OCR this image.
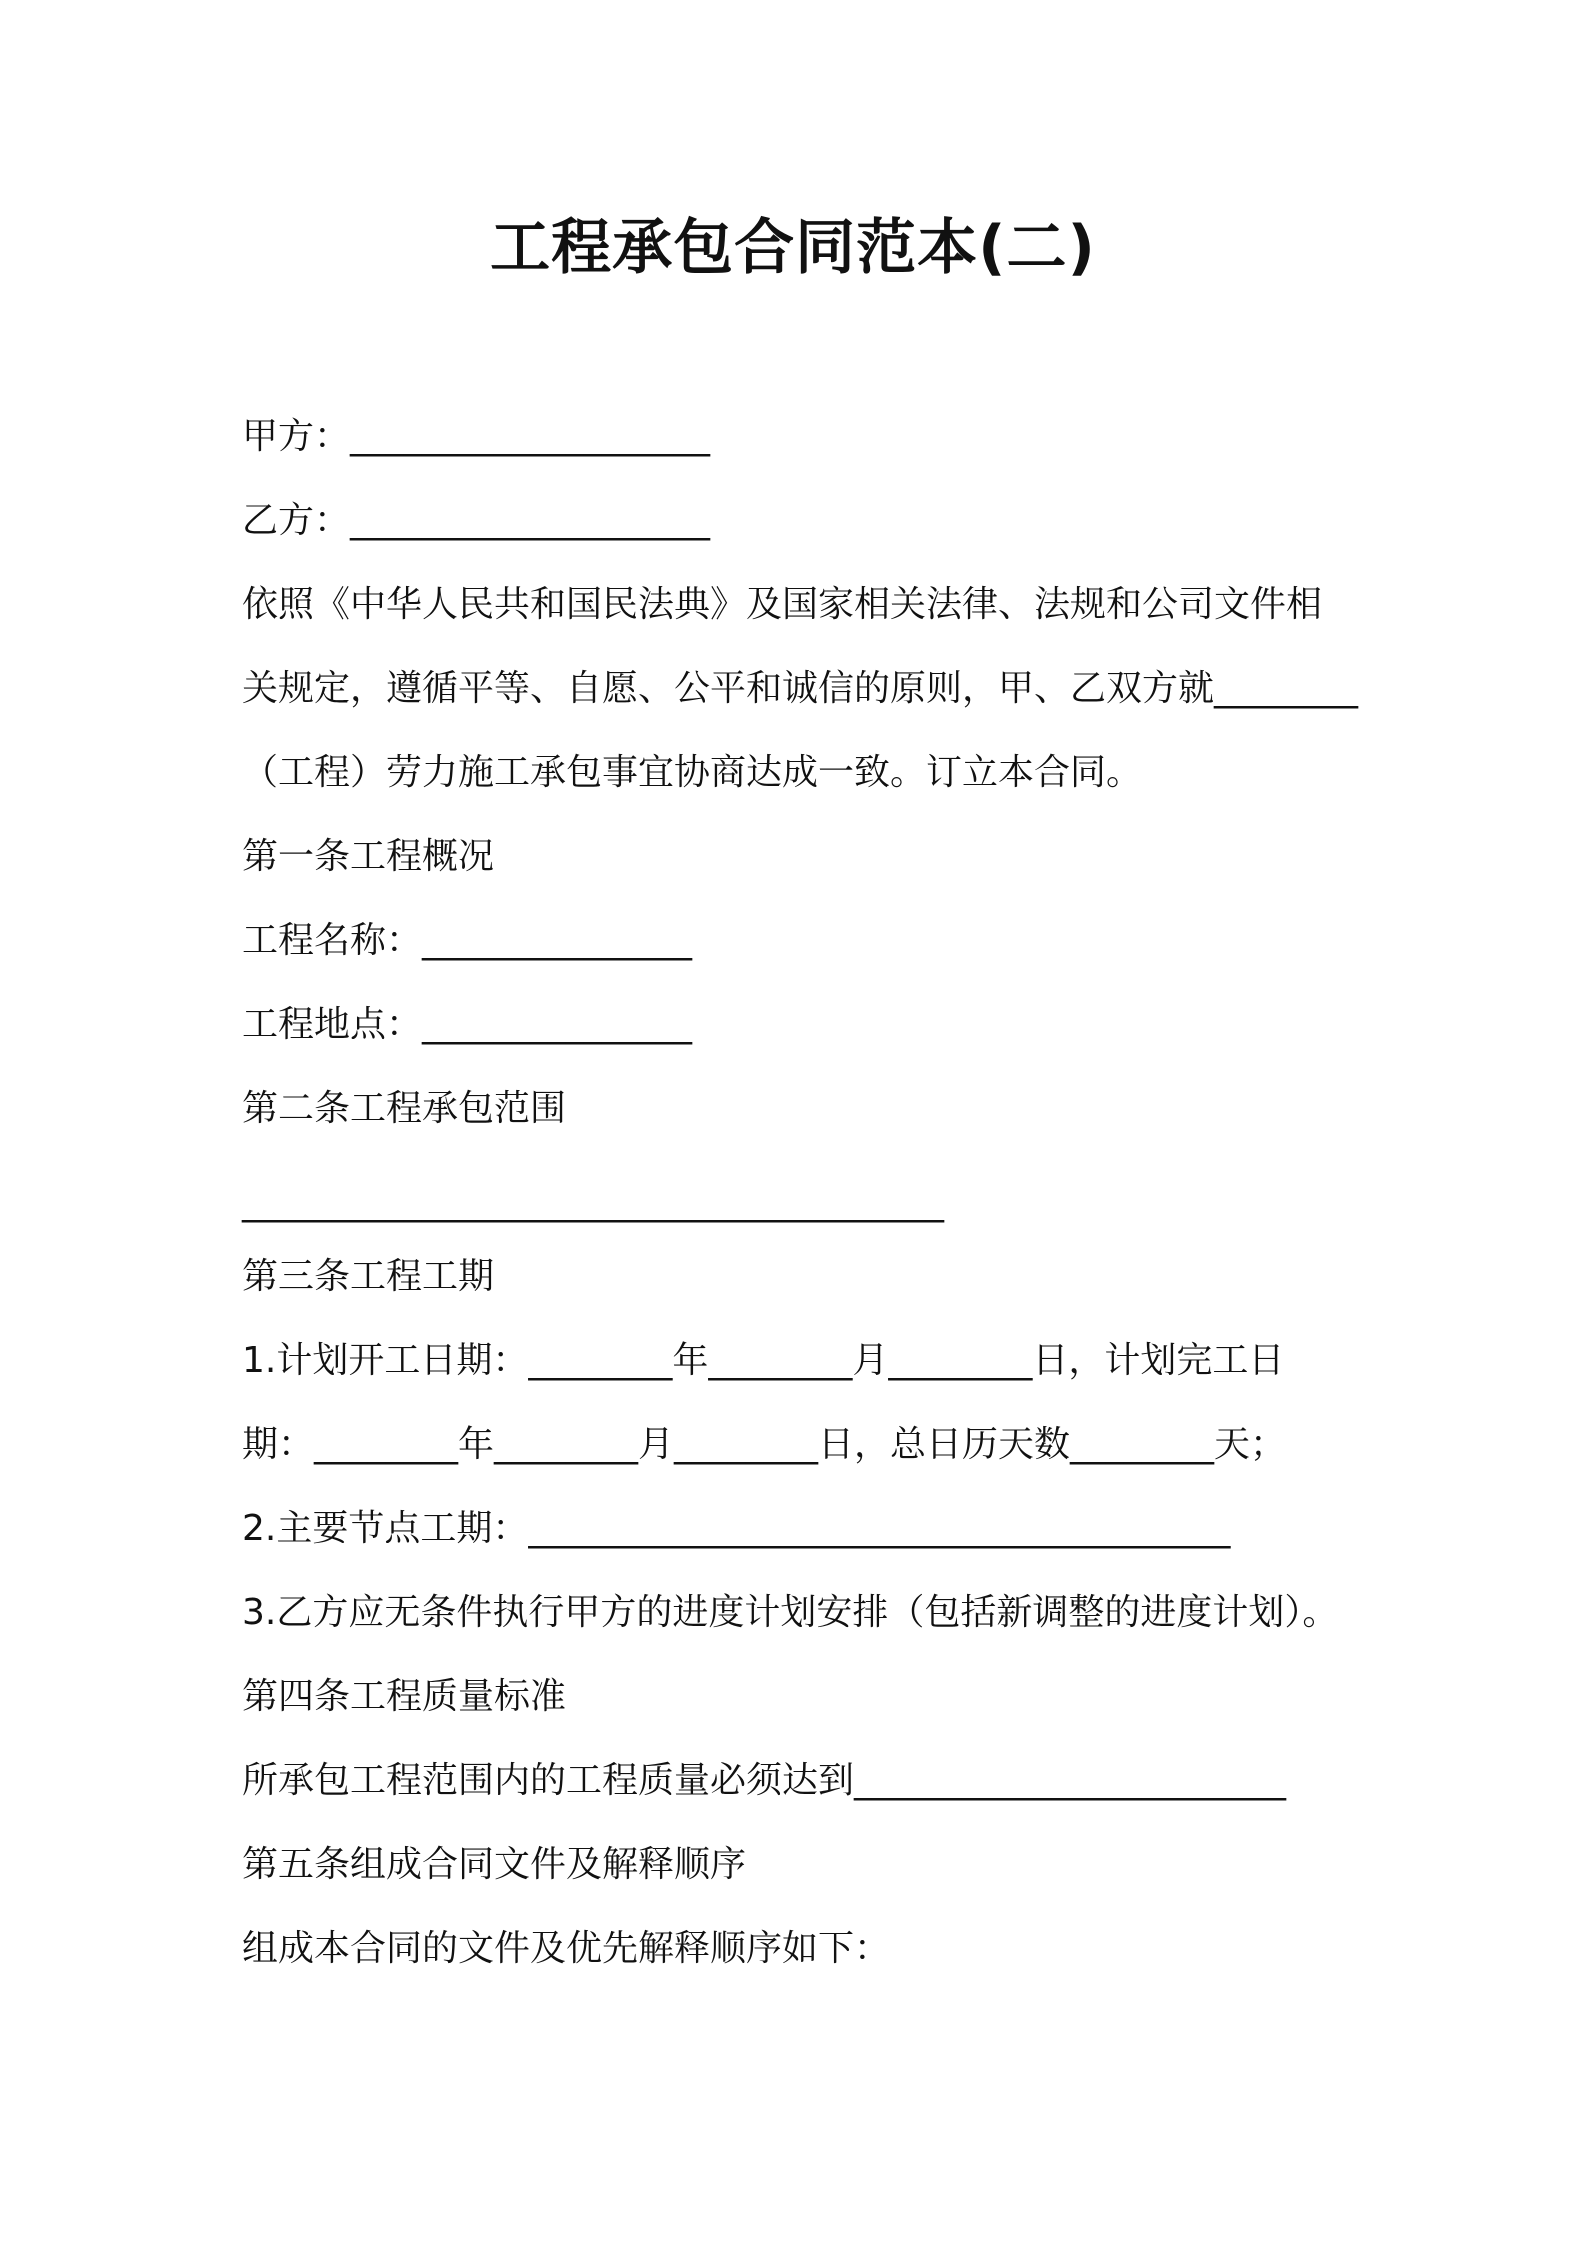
工程承包合同范本(二)
甲方：____________________
乙方：____________________
依照《中华人民共和国民法典》及国家相关法律、法规和公司文件相
关规定，遵循平等、自愿、公平和诚信的原则，甲、乙双方就________
（工程）劳力施工承包事宜协商达成一致。订立本合同。
第一条工程概况
工程名称：_______________
工程地点：_______________
第二条工程承包范围
_______________________________________
第三条工程工期
1.计划开工日期：________年________月________日，计划完工日
期：________年________月________日，总日历天数________天；
2.主要节点工期：_______________________________________
3.乙方应无条件执行甲方的进度计划安排（包括新调整的进度计划）。
第四条工程质量标准
所承包工程范围内的工程质量必须达到________________________
第五条组成合同文件及解释顺序
组成本合同的文件及优先解释顺序如下：
